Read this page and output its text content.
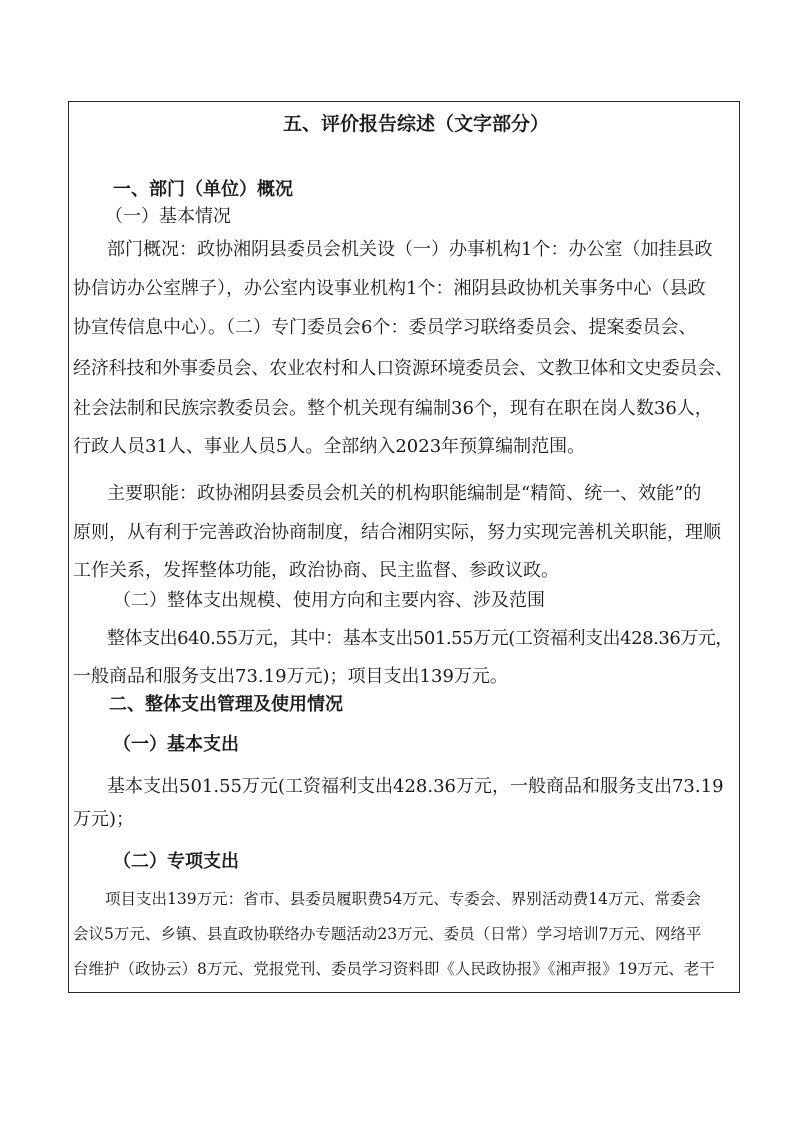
五、评价报告综述（文字部分）
一、部门（单位）概况
（一）基本情况
部门概况：政协湘阴县委员会机关设（一）办事机构1个：办公室（加挂县政
协信访办公室牌子），办公室内设事业机构1个：湘阴县政协机关事务中心（县政
协宣传信息中心）。（二）专门委员会6个：委员学习联络委员会、提案委员会、
经济科技和外事委员会、农业农村和人口资源环境委员会、文教卫体和文史委员会、
社会法制和民族宗教委员会。整个机关现有编制36个，现有在职在岗人数36人，
行政人员31人、事业人员5人。全部纳入2023年预算编制范围。
主要职能：政协湘阴县委员会机关的机构职能编制是“精简、统一、效能”的
原则，从有利于完善政治协商制度，结合湘阴实际，努力实现完善机关职能，理顺
工作关系，发挥整体功能，政治协商、民主监督、参政议政。
（二）整体支出规模、使用方向和主要内容、涉及范围
整体支出640.55万元，其中：基本支出501.55万元(工资福利支出428.36万元，
一般商品和服务支出73.19万元)；项目支出139万元。
二、整体支出管理及使用情况
（一）基本支出
基本支出501.55万元(工资福利支出428.36万元，一般商品和服务支出73.19
万元)；
（二）专项支出
项目支出139万元：省市、县委员履职费54万元、专委会、界别活动费14万元、常委会
会议5万元、乡镇、县直政协联络办专题活动23万元、委员（日常）学习培训7万元、网络平
台维护（政协云）8万元、党报党刊、委员学习资料即《人民政协报》《湘声报》19万元、老干
